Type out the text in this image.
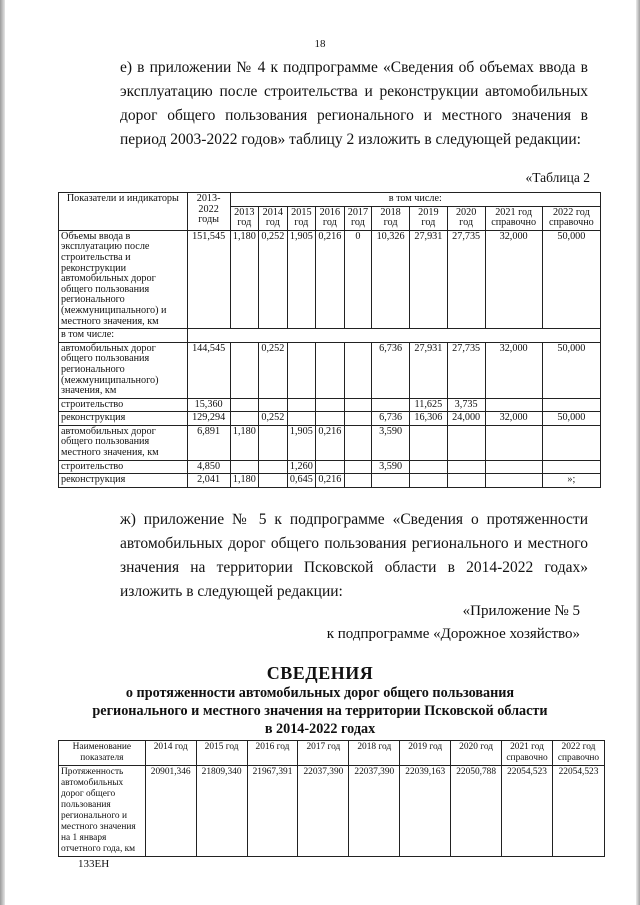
18

е) в приложении № 4 к подпрограмме «Сведения об объемах ввода в эксплуатацию после строительства и реконструкции автомобильных дорог общего пользования регионального и местного значения в период 2003-2022 годов» таблицу 2 изложить в следующей редакции:

«Таблица 2
Показатели и индикаторы	2013-2022 годы	в том числе:									
		2013 год	2014 год	2015 год	2016 год	2017 год	2018 год	2019 год	2020 год	2021 год справочно	2022 год справочно
Объемы ввода в эксплуатацию после строительства и реконструкции автомобильных дорог общего пользования регионального (межмуниципального) и местного значения, км	151,545	1,180	0,252	1,905	0,216	0	10,326	27,931	27,735	32,000	50,000
в том числе:											
автомобильных дорог общего пользования регионального (межмуниципального) значения, км	144,545		0,252				6,736	27,931	27,735	32,000	50,000
строительство	15,360							11,625	3,735		
реконструкция	129,294		0,252				6,736	16,306	24,000	32,000	50,000
автомобильных дорог общего пользования местного значения, км	6,891	1,180		1,905	0,216		3,590				
строительство	4,850			1,260			3,590				
реконструкция	2,041	1,180		0,645	0,216						»;

ж) приложение № 5 к подпрограмме «Сведения о протяженности автомобильных дорог общего пользования регионального и местного значения на территории Псковской области в 2014-2022 годах» изложить в следующей редакции:

«Приложение № 5
к подпрограмме «Дорожное хозяйство»
СВЕДЕНИЯ
о протяженности автомобильных дорог общего пользования
регионального и местного значения на территории Псковской области
в 2014-2022 годах
Наименование показателя	2014 год	2015 год	2016 год	2017 год	2018 год	2019 год	2020 год	2021 год справочно	2022 год справочно
Протяженность автомобильных дорог общего пользования регионального и местного значения на 1 января отчетного года, км	20901,346	21809,340	21967,391	22037,390	22037,390	22039,163	22050,788	22054,523	22054,523
133ЕН
